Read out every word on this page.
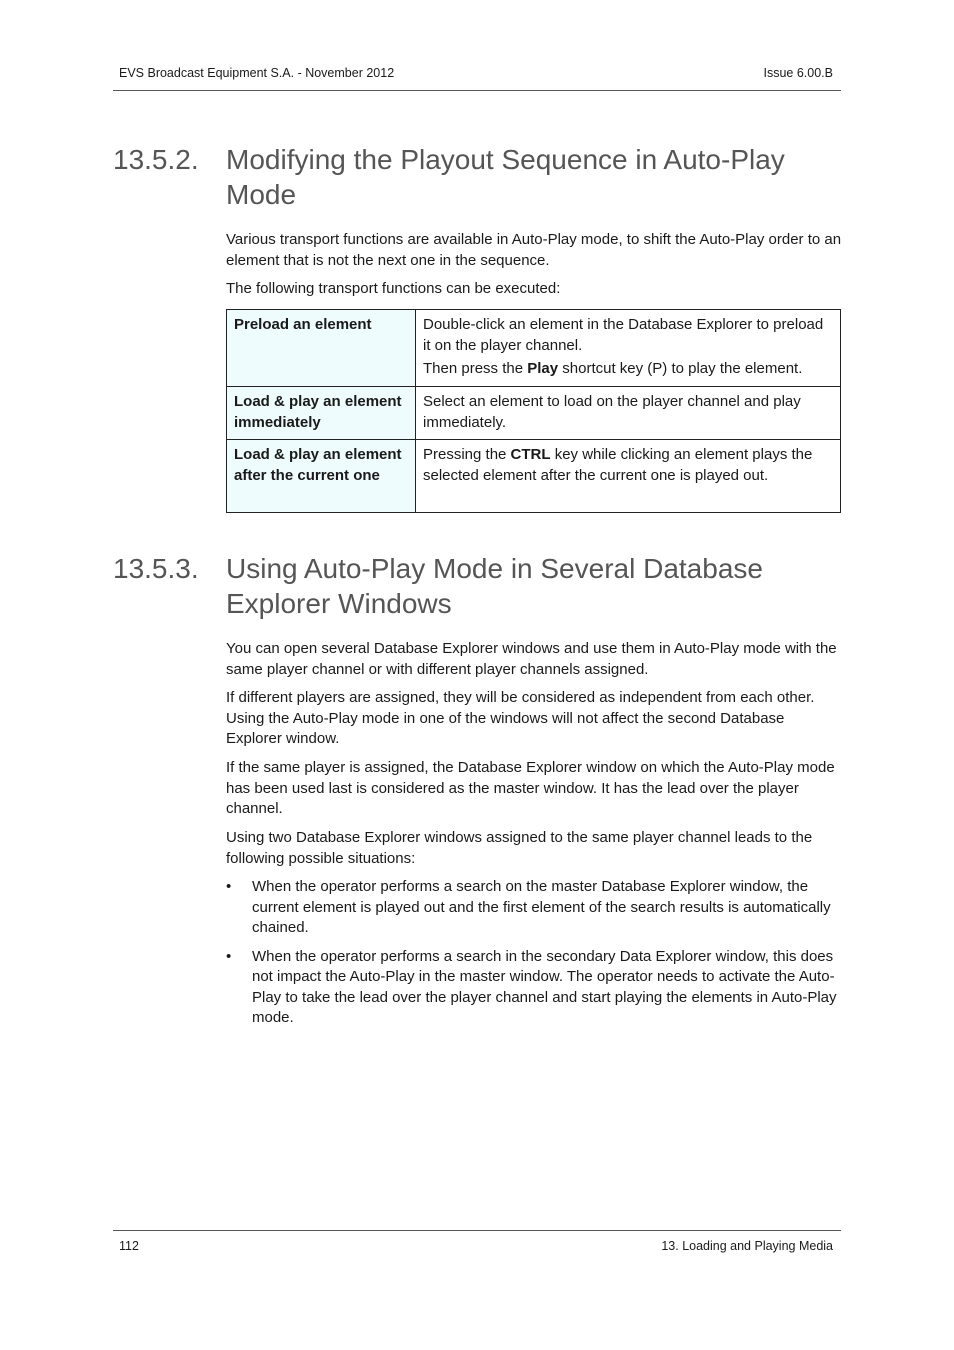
EVS Broadcast Equipment S.A. - November 2012	Issue 6.00.B
13.5.2. Modifying the Playout Sequence in Auto-Play Mode

Various transport functions are available in Auto-Play mode, to shift the Auto-Play order to an element that is not the next one in the sequence.

The following transport functions can be executed:

Preload an element	Double-click an element in the Database Explorer to preload it on the player channel.

Then press the Play shortcut key (P) to play the element.

Load & play an element immediately	Select an element to load on the player channel and play immediately.

Load & play an element after the current one	Pressing the CTRL key while clicking an element plays the selected element after the current one is played out.

13.5.3. Using Auto-Play Mode in Several Database Explorer Windows

You can open several Database Explorer windows and use them in Auto-Play mode with the same player channel or with different player channels assigned.

If different players are assigned, they will be considered as independent from each other. Using the Auto-Play mode in one of the windows will not affect the second Database Explorer window.

If the same player is assigned, the Database Explorer window on which the Auto-Play mode has been used last is considered as the master window. It has the lead over the player channel.

Using two Database Explorer windows assigned to the same player channel leads to the following possible situations:

• When the operator performs a search on the master Database Explorer window, the current element is played out and the first element of the search results is automatically chained.
• When the operator performs a search in the secondary Data Explorer window, this does not impact the Auto-Play in the master window. The operator needs to activate the Auto-Play to take the lead over the player channel and start playing the elements in Auto-Play mode.
112	13. Loading and Playing Media
